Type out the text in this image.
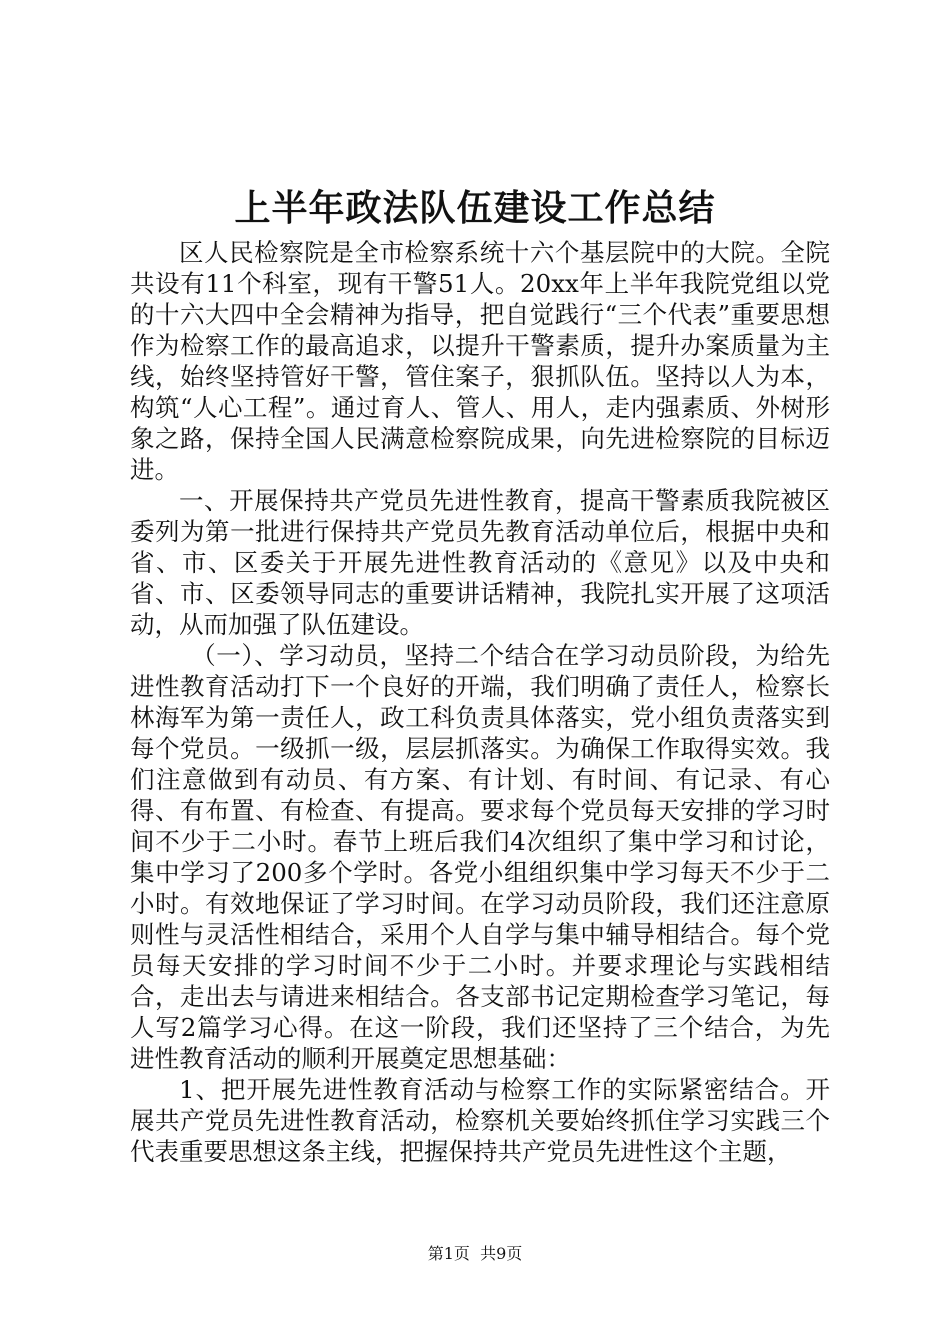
上半年政法队伍建设工作总结

区人民检察院是全市检察系统十六个基层院中的大院。全院共设有11个科室，现有干警51人。20xx年上半年我院党组以党的十六大四中全会精神为指导，把自觉践行“三个代表”重要思想作为检察工作的最高追求，以提升干警素质，提升办案质量为主线，始终坚持管好干警，管住案子，狠抓队伍。坚持以人为本，构筑“人心工程”。通过育人、管人、用人，走内强素质、外树形象之路，保持全国人民满意检察院成果，向先进检察院的目标迈进。

一、开展保持共产党员先进性教育，提高干警素质我院被区委列为第一批进行保持共产党员先教育活动单位后，根据中央和省、市、区委关于开展先进性教育活动的《意见》以及中央和省、市、区委领导同志的重要讲话精神，我院扎实开展了这项活动，从而加强了队伍建设。

（一）、学习动员，坚持二个结合在学习动员阶段，为给先进性教育活动打下一个良好的开端，我们明确了责任人，检察长林海军为第一责任人，政工科负责具体落实，党小组负责落实到每个党员。一级抓一级，层层抓落实。为确保工作取得实效。我们注意做到有动员、有方案、有计划、有时间、有记录、有心得、有布置、有检查、有提高。要求每个党员每天安排的学习时间不少于二小时。春节上班后我们4次组织了集中学习和讨论，集中学习了200多个学时。各党小组组织集中学习每天不少于二小时。有效地保证了学习时间。在学习动员阶段，我们还注意原则性与灵活性相结合，采用个人自学与集中辅导相结合。每个党员每天安排的学习时间不少于二小时。并要求理论与实践相结合，走出去与请进来相结合。各支部书记定期检查学习笔记，每人写2篇学习心得。在这一阶段，我们还坚持了三个结合，为先进性教育活动的顺利开展奠定思想基础：

1、把开展先进性教育活动与检察工作的实际紧密结合。开展共产党员先进性教育活动，检察机关要始终抓住学习实践三个代表重要思想这条主线，把握保持共产党员先进性这个主题，

第1页  共9页
